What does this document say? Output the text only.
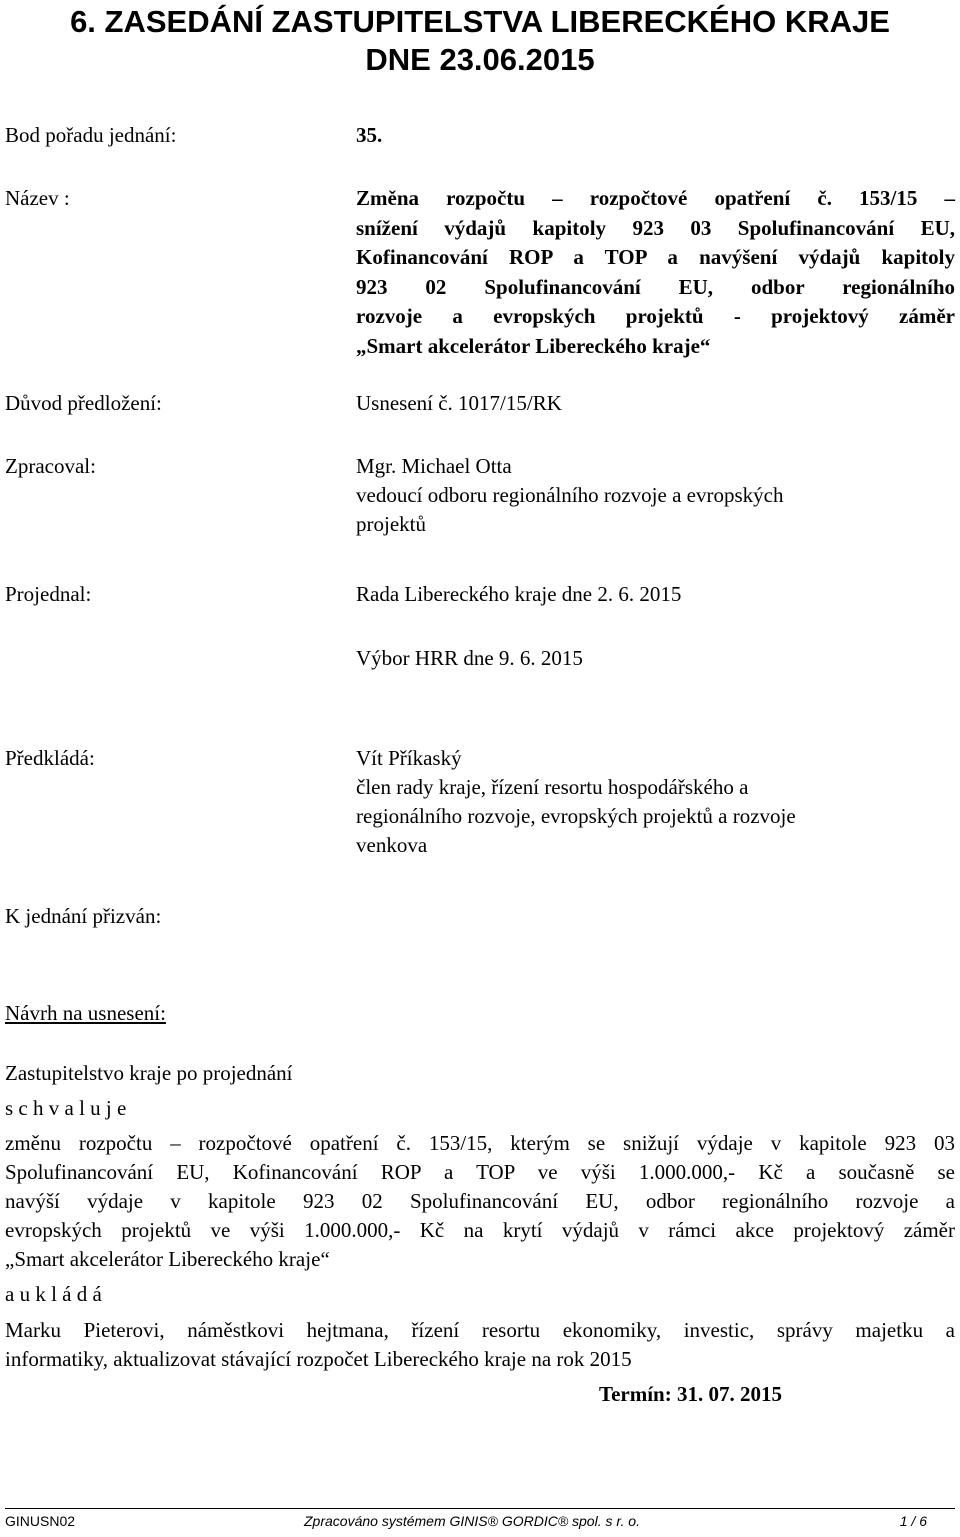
6. ZASEDÁNÍ ZASTUPITELSTVA LIBERECKÉHO KRAJE
DNE 23.06.2015
Bod pořadu jednání:	35.
Název :	Změna rozpočtu – rozpočtové opatření č. 153/15 –
snížení výdajů kapitoly 923 03 Spolufinancování EU,
Kofinancování ROP a TOP a navýšení výdajů kapitoly
923 02 Spolufinancování EU, odbor regionálního
rozvoje a evropských projektů - projektový záměr
„Smart akcelerátor Libereckého kraje“
Důvod předložení:	Usnesení č. 1017/15/RK
Zpracoval:	Mgr. Michael Otta
vedoucí odboru regionálního rozvoje a evropských
projektů
Projednal:	Rada Libereckého kraje dne 2. 6. 2015
Výbor HRR dne 9. 6. 2015
Předkládá:	Vít Příkaský
člen rady kraje, řízení resortu hospodářského a
regionálního rozvoje, evropských projektů a rozvoje
venkova
K jednání přizván:
Návrh na usnesení:
Zastupitelstvo kraje po projednání
s c h v a l u j e
změnu rozpočtu – rozpočtové opatření č. 153/15, kterým se snižují výdaje v kapitole 923 03
Spolufinancování EU, Kofinancování ROP a TOP ve výši 1.000.000,- Kč a současně se
navýší výdaje v kapitole 923 02 Spolufinancování EU, odbor regionálního rozvoje a
evropských projektů ve výši 1.000.000,- Kč na krytí výdajů v rámci akce projektový záměr
„Smart akcelerátor Libereckého kraje“
a u k l á d á
Marku Pieterovi, náměstkovi hejtmana, řízení resortu ekonomiky, investic, správy majetku a
informatiky, aktualizovat stávající rozpočet Libereckého kraje na rok 2015
Termín: 31. 07. 2015
GINUSN02	Zpracováno systémem GINIS® GORDIC® spol. s r. o.	1 / 6
